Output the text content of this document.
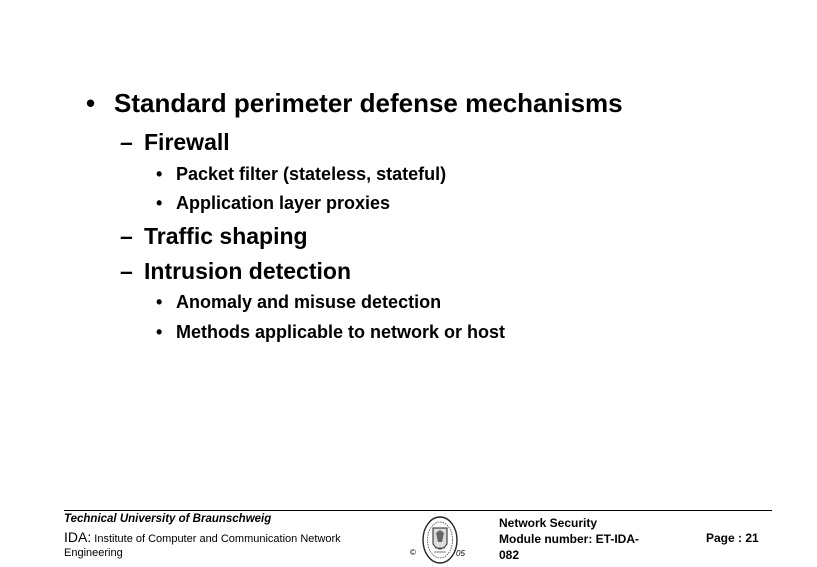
• Standard perimeter defense mechanisms
– Firewall
• Packet filter (stateless, stateful)
• Application layer proxies
– Traffic shaping
– Intrusion detection
• Anomaly and misuse detection
• Methods applicable to network or host
Technical University of Braunschweig
IDA: Institute of Computer and Communication Network
Engineering	©	05
Network Security
Module number: ET-IDA-
082
Page : 21
